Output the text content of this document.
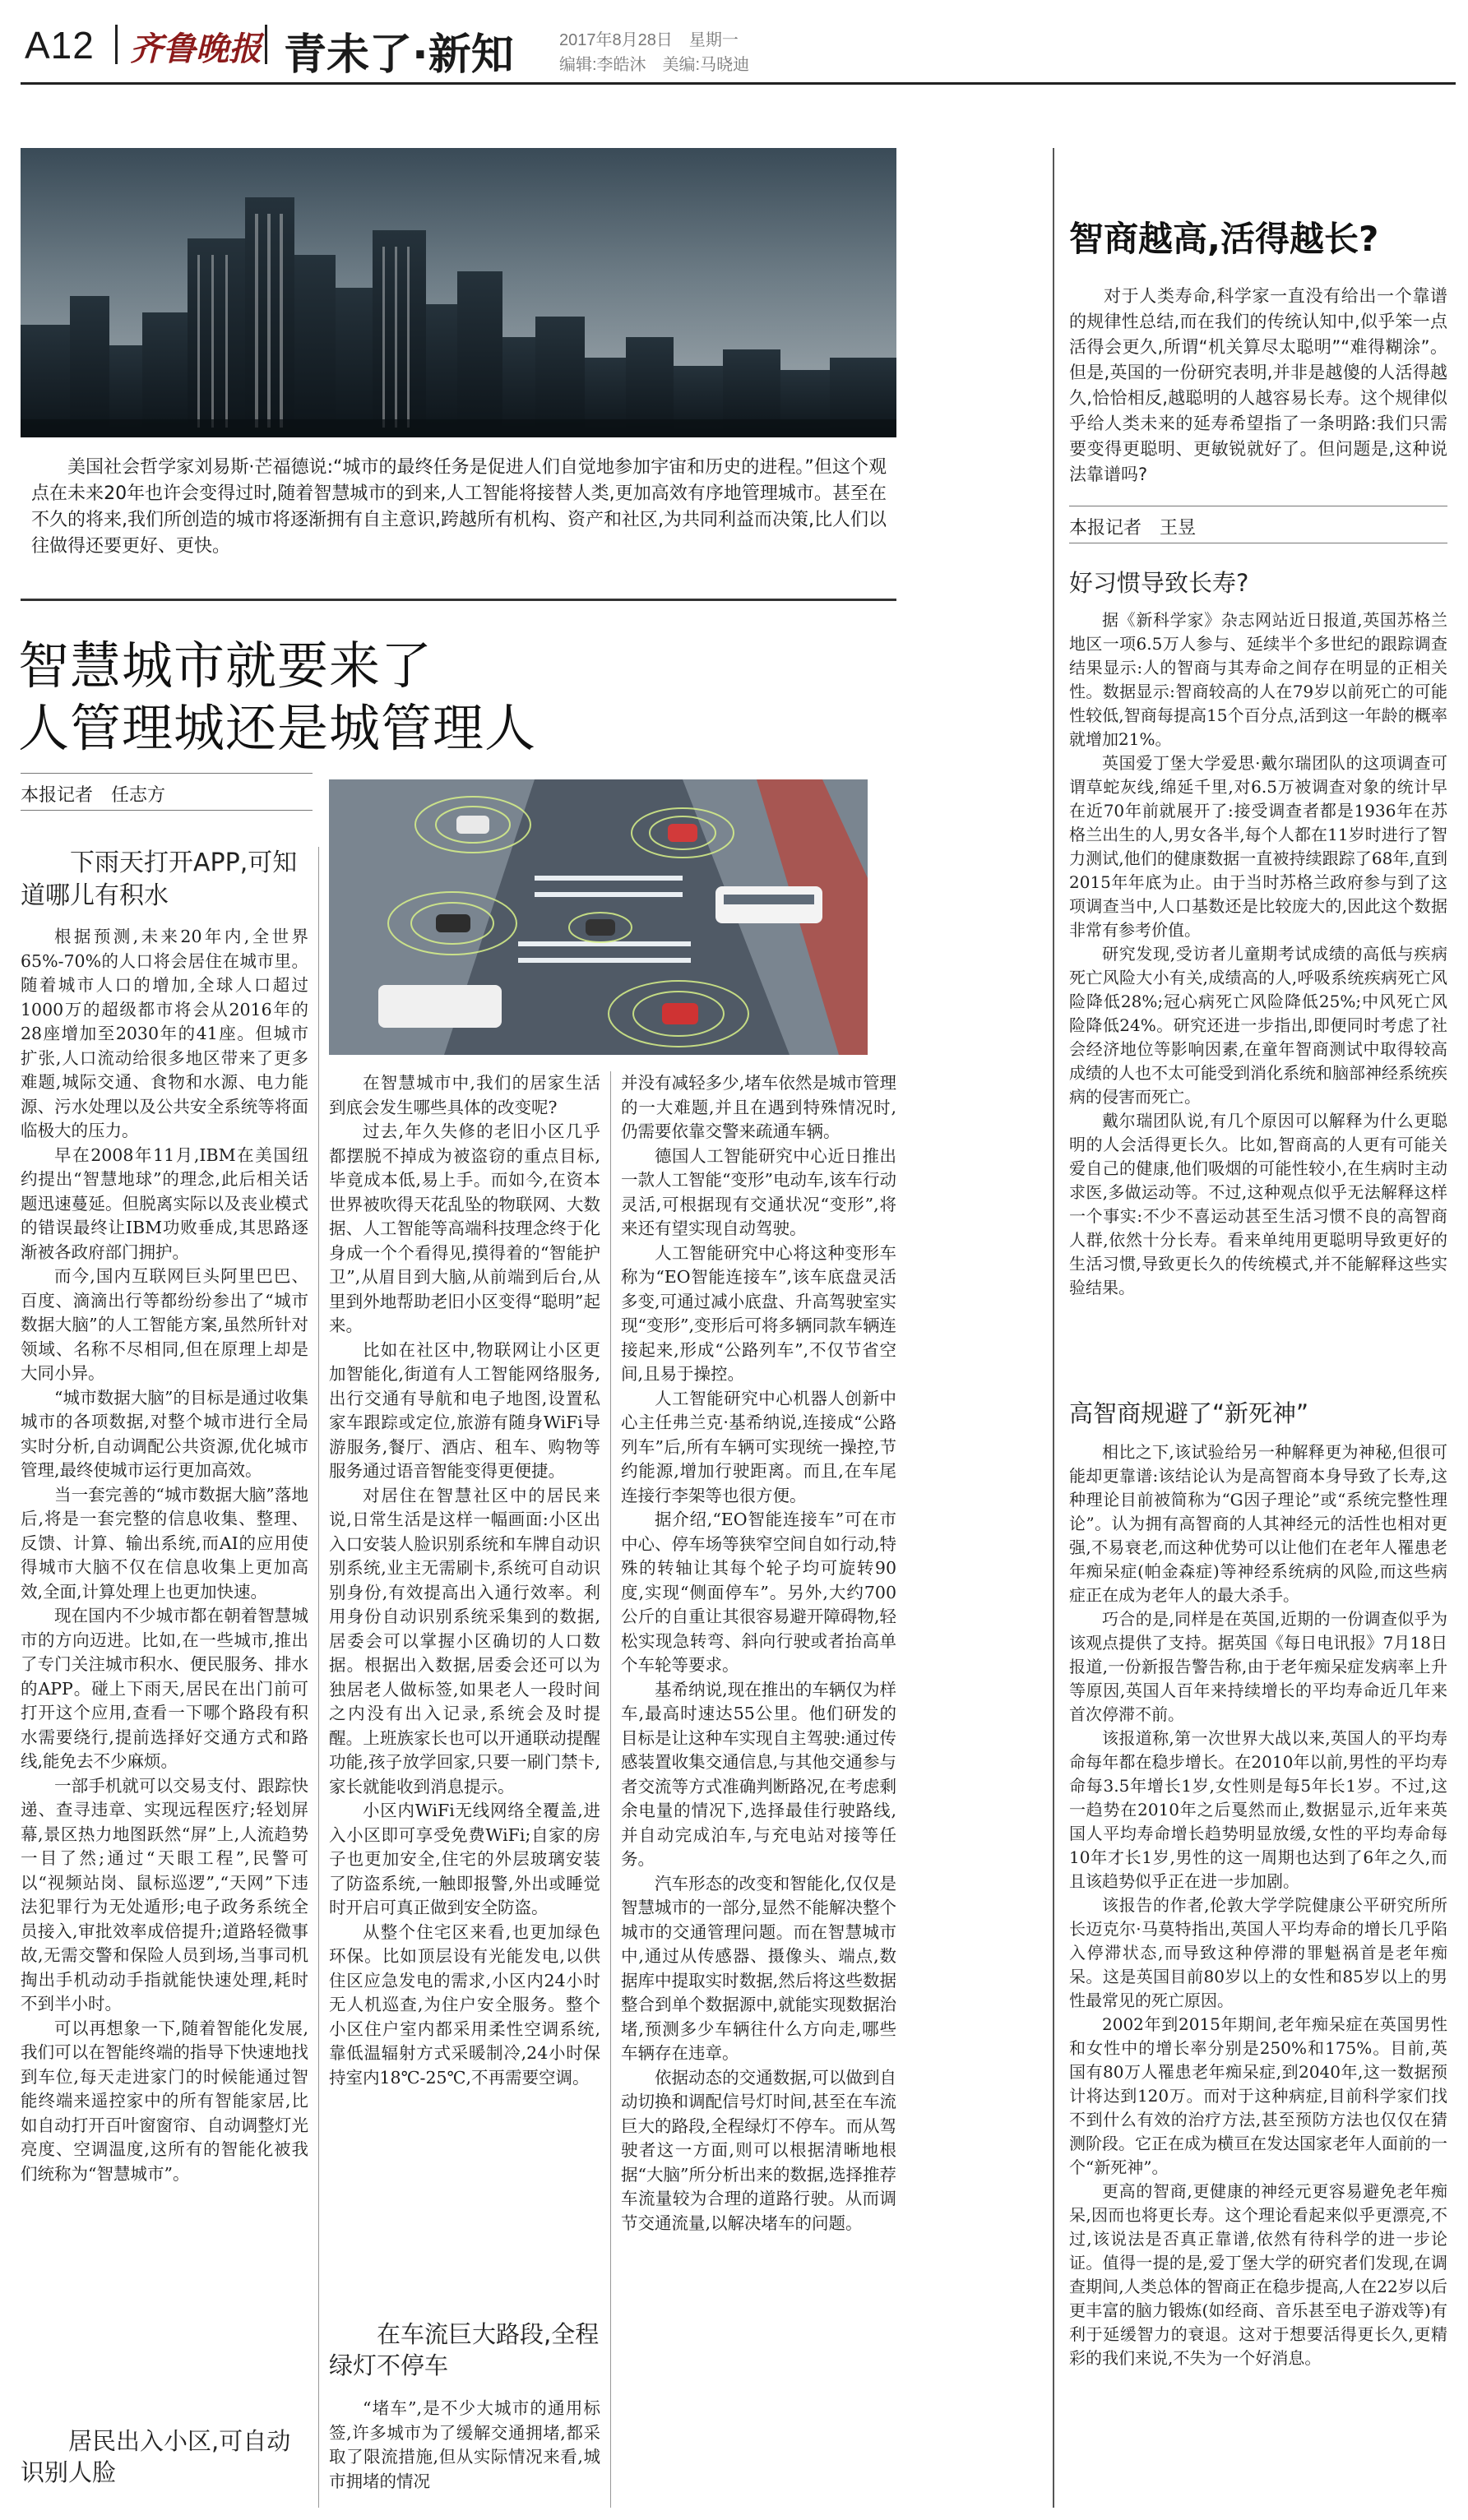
A12 齐鲁晚报 青未了·新知	2017年8月28日　星期一
编辑:李皓沐　美编:马晓迪
美国社会哲学家刘易斯·芒福德说:“城市的最终任务是促进人们自觉地参加宇宙和历史的进程。”但这个观点在未来20年也许会变得过时,随着智慧城市的到来,人工智能将接替人类,更加高效有序地管理城市。甚至在不久的将来,我们所创造的城市将逐渐拥有自主意识,跨越所有机构、资产和社区,为共同利益而决策,比人们以往做得还要更好、更快。
智慧城市就要来了
人管理城还是城管理人
本报记者　任志方
下雨天打开APP,可知道哪儿有积水

根据预测,未来20年内,全世界65%-70%的人口将会居住在城市里。随着城市人口的增加,全球人口超过1000万的超级都市将会从2016年的28座增加至2030年的41座。但城市扩张,人口流动给很多地区带来了更多难题,城际交通、食物和水源、电力能源、污水处理以及公共安全系统等将面临极大的压力。

早在2008年11月,IBM在美国纽约提出“智慧地球”的理念,此后相关话题迅速蔓延。但脱离实际以及丧业模式的错误最终让IBM功败垂成,其思路逐渐被各政府部门拥护。

而今,国内互联网巨头阿里巴巴、百度、滴滴出行等都纷纷参出了“城市数据大脑”的人工智能方案,虽然所针对领域、名称不尽相同,但在原理上却是大同小异。

“城市数据大脑”的目标是通过收集城市的各项数据,对整个城市进行全局实时分析,自动调配公共资源,优化城市管理,最终使城市运行更加高效。

当一套完善的“城市数据大脑”落地后,将是一套完整的信息收集、整理、反馈、计算、输出系统,而AI的应用使得城市大脑不仅在信息收集上更加高效,全面,计算处理上也更加快速。

现在国内不少城市都在朝着智慧城市的方向迈进。比如,在一些城市,推出了专门关注城市积水、便民服务、排水的APP。碰上下雨天,居民在出门前可打开这个应用,查看一下哪个路段有积水需要绕行,提前选择好交通方式和路线,能免去不少麻烦。

一部手机就可以交易支付、跟踪快递、查寻违章、实现远程医疗;轻划屏幕,景区热力地图跃然“屏”上,人流趋势一目了然;通过“天眼工程”,民警可以“视频站岗、鼠标巡逻”,“天网”下违法犯罪行为无处遁形;电子政务系统全员接入,审批效率成倍提升;道路轻微事故,无需交警和保险人员到场,当事司机掏出手机动动手指就能快速处理,耗时不到半小时。

可以再想象一下,随着智能化发展,我们可以在智能终端的指导下快速地找到车位,每天走进家门的时候能通过智能终端来遥控家中的所有智能家居,比如自动打开百叶窗窗帘、自动调整灯光亮度、空调温度,这所有的智能化被我们统称为“智慧城市”。

居民出入小区,可自动识别人脸

在智慧城市中,我们的居家生活到底会发生哪些具体的改变呢?

过去,年久失修的老旧小区几乎都摆脱不掉成为被盗窃的重点目标,毕竟成本低,易上手。而如今,在资本世界被吹得天花乱坠的物联网、大数据、人工智能等高端科技理念终于化身成一个个看得见,摸得着的“智能护卫”,从眉目到大脑,从前端到后台,从里到外地帮助老旧小区变得“聪明”起来。

比如在社区中,物联网让小区更加智能化,街道有人工智能网络服务,出行交通有导航和电子地图,设置私家车跟踪或定位,旅游有随身WiFi导游服务,餐厅、酒店、租车、购物等服务通过语音智能变得更便捷。

对居住在智慧社区中的居民来说,日常生活是这样一幅画面:小区出入口安装人脸识别系统和车牌自动识别系统,业主无需刷卡,系统可自动识别身份,有效提高出入通行效率。利用身份自动识别系统采集到的数据,居委会可以掌握小区确切的人口数据。根据出入数据,居委会还可以为独居老人做标签,如果老人一段时间之内没有出入记录,系统会及时提醒。上班族家长也可以开通联动提醒功能,孩子放学回家,只要一刷门禁卡,家长就能收到消息提示。

小区内WiFi无线网络全覆盖,进入小区即可享受免费WiFi;自家的房子也更加安全,住宅的外层玻璃安装了防盗系统,一触即报警,外出或睡觉时开启可真正做到安全防盗。

从整个住宅区来看,也更加绿色环保。比如顶层设有光能发电,以供住区应急发电的需求,小区内24小时无人机巡查,为住户安全服务。整个小区住户室内都采用柔性空调系统,靠低温辐射方式采暖制冷,24小时保持室内18℃-25℃,不再需要空调。

在车流巨大路段,全程绿灯不停车

“堵车”,是不少大城市的通用标签,许多城市为了缓解交通拥堵,都采取了限流措施,但从实际情况来看,城市拥堵的情况

并没有减轻多少,堵车依然是城市管理的一大难题,并且在遇到特殊情况时,仍需要依靠交警来疏通车辆。

德国人工智能研究中心近日推出一款人工智能“变形”电动车,该车行动灵活,可根据现有交通状况“变形”,将来还有望实现自动驾驶。

人工智能研究中心将这种变形车称为“EO智能连接车”,该车底盘灵活多变,可通过减小底盘、升高驾驶室实现“变形”,变形后可将多辆同款车辆连接起来,形成“公路列车”,不仅节省空间,且易于操控。

人工智能研究中心机器人创新中心主任弗兰克·基希纳说,连接成“公路列车”后,所有车辆可实现统一操控,节约能源,增加行驶距离。而且,在车尾连接行李架等也很方便。

据介绍,“EO智能连接车”可在市中心、停车场等狭窄空间自如行动,特殊的转轴让其每个轮子均可旋转90度,实现“侧面停车”。另外,大约700公斤的自重让其很容易避开障碍物,轻松实现急转弯、斜向行驶或者抬高单个车轮等要求。

基希纳说,现在推出的车辆仅为样车,最高时速达55公里。他们研发的目标是让这种车实现自主驾驶:通过传感装置收集交通信息,与其他交通参与者交流等方式准确判断路况,在考虑剩余电量的情况下,选择最佳行驶路线,并自动完成泊车,与充电站对接等任务。

汽车形态的改变和智能化,仅仅是智慧城市的一部分,显然不能解决整个城市的交通管理问题。而在智慧城市中,通过从传感器、摄像头、端点,数据库中提取实时数据,然后将这些数据整合到单个数据源中,就能实现数据治堵,预测多少车辆往什么方向走,哪些车辆存在违章。

依据动态的交通数据,可以做到自动切换和调配信号灯时间,甚至在车流巨大的路段,全程绿灯不停车。而从驾驶者这一方面,则可以根据清晰地根据“大脑”所分析出来的数据,选择推荐车流量较为合理的道路行驶。从而调节交通流量,以解决堵车的问题。

智商越高,活得越长?
对于人类寿命,科学家一直没有给出一个靠谱的规律性总结,而在我们的传统认知中,似乎笨一点活得会更久,所谓“机关算尽太聪明”“难得糊涂”。但是,英国的一份研究表明,并非是越傻的人活得越久,恰恰相反,越聪明的人越容易长寿。这个规律似乎给人类未来的延寿希望指了一条明路:我们只需要变得更聪明、更敏锐就好了。但问题是,这种说法靠谱吗?
本报记者　王昱
好习惯导致长寿?

据《新科学家》杂志网站近日报道,英国苏格兰地区一项6.5万人参与、延续半个多世纪的跟踪调查结果显示:人的智商与其寿命之间存在明显的正相关性。数据显示:智商较高的人在79岁以前死亡的可能性较低,智商每提高15个百分点,活到这一年龄的概率就增加21%。

英国爱丁堡大学爱思·戴尔瑞团队的这项调查可谓草蛇灰线,绵延千里,对6.5万被调查对象的统计早在近70年前就展开了:接受调查者都是1936年在苏格兰出生的人,男女各半,每个人都在11岁时进行了智力测试,他们的健康数据一直被持续跟踪了68年,直到2015年年底为止。由于当时苏格兰政府参与到了这项调查当中,人口基数还是比较庞大的,因此这个数据非常有参考价值。

研究发现,受访者儿童期考试成绩的高低与疾病死亡风险大小有关,成绩高的人,呼吸系统疾病死亡风险降低28%;冠心病死亡风险降低25%;中风死亡风险降低24%。研究还进一步指出,即便同时考虑了社会经济地位等影响因素,在童年智商测试中取得较高成绩的人也不太可能受到消化系统和脑部神经系统疾病的侵害而死亡。

戴尔瑞团队说,有几个原因可以解释为什么更聪明的人会活得更长久。比如,智商高的人更有可能关爱自己的健康,他们吸烟的可能性较小,在生病时主动求医,多做运动等。不过,这种观点似乎无法解释这样一个事实:不少不喜运动甚至生活习惯不良的高智商人群,依然十分长寿。看来单纯用更聪明导致更好的生活习惯,导致更长久的传统模式,并不能解释这些实验结果。

高智商规避了“新死神”

相比之下,该试验给另一种解释更为神秘,但很可能却更靠谱:该结论认为是高智商本身导致了长寿,这种理论目前被简称为“G因子理论”或“系统完整性理论”。认为拥有高智商的人其神经元的活性也相对更强,不易衰老,而这种优势可以让他们在老年人罹患老年痴呆症(帕金森症)等神经系统病的风险,而这些病症正在成为老年人的最大杀手。

巧合的是,同样是在英国,近期的一份调查似乎为该观点提供了支持。据英国《每日电讯报》7月18日报道,一份新报告警告称,由于老年痴呆症发病率上升等原因,英国人百年来持续增长的平均寿命近几年来首次停滞不前。

该报道称,第一次世界大战以来,英国人的平均寿命每年都在稳步增长。在2010年以前,男性的平均寿命每3.5年增长1岁,女性则是每5年长1岁。不过,这一趋势在2010年之后戛然而止,数据显示,近年来英国人平均寿命增长趋势明显放缓,女性的平均寿命每10年才长1岁,男性的这一周期也达到了6年之久,而且该趋势似乎正在进一步加剧。

该报告的作者,伦敦大学学院健康公平研究所所长迈克尔·马莫特指出,英国人平均寿命的增长几乎陷入停滞状态,而导致这种停滞的罪魁祸首是老年痴呆。这是英国目前80岁以上的女性和85岁以上的男性最常见的死亡原因。

2002年到2015年期间,老年痴呆症在英国男性和女性中的增长率分别是250%和175%。目前,英国有80万人罹患老年痴呆症,到2040年,这一数据预计将达到120万。而对于这种病症,目前科学家们找不到什么有效的治疗方法,甚至预防方法也仅仅在猜测阶段。它正在成为横亘在发达国家老年人面前的一个“新死神”。

更高的智商,更健康的神经元更容易避免老年痴呆,因而也将更长寿。这个理论看起来似乎更漂亮,不过,该说法是否真正靠谱,依然有待科学的进一步论证。值得一提的是,爱丁堡大学的研究者们发现,在调查期间,人类总体的智商正在稳步提高,人在22岁以后更丰富的脑力锻炼(如经商、音乐甚至电子游戏等)有利于延缓智力的衰退。这对于想要活得更长久,更精彩的我们来说,不失为一个好消息。
